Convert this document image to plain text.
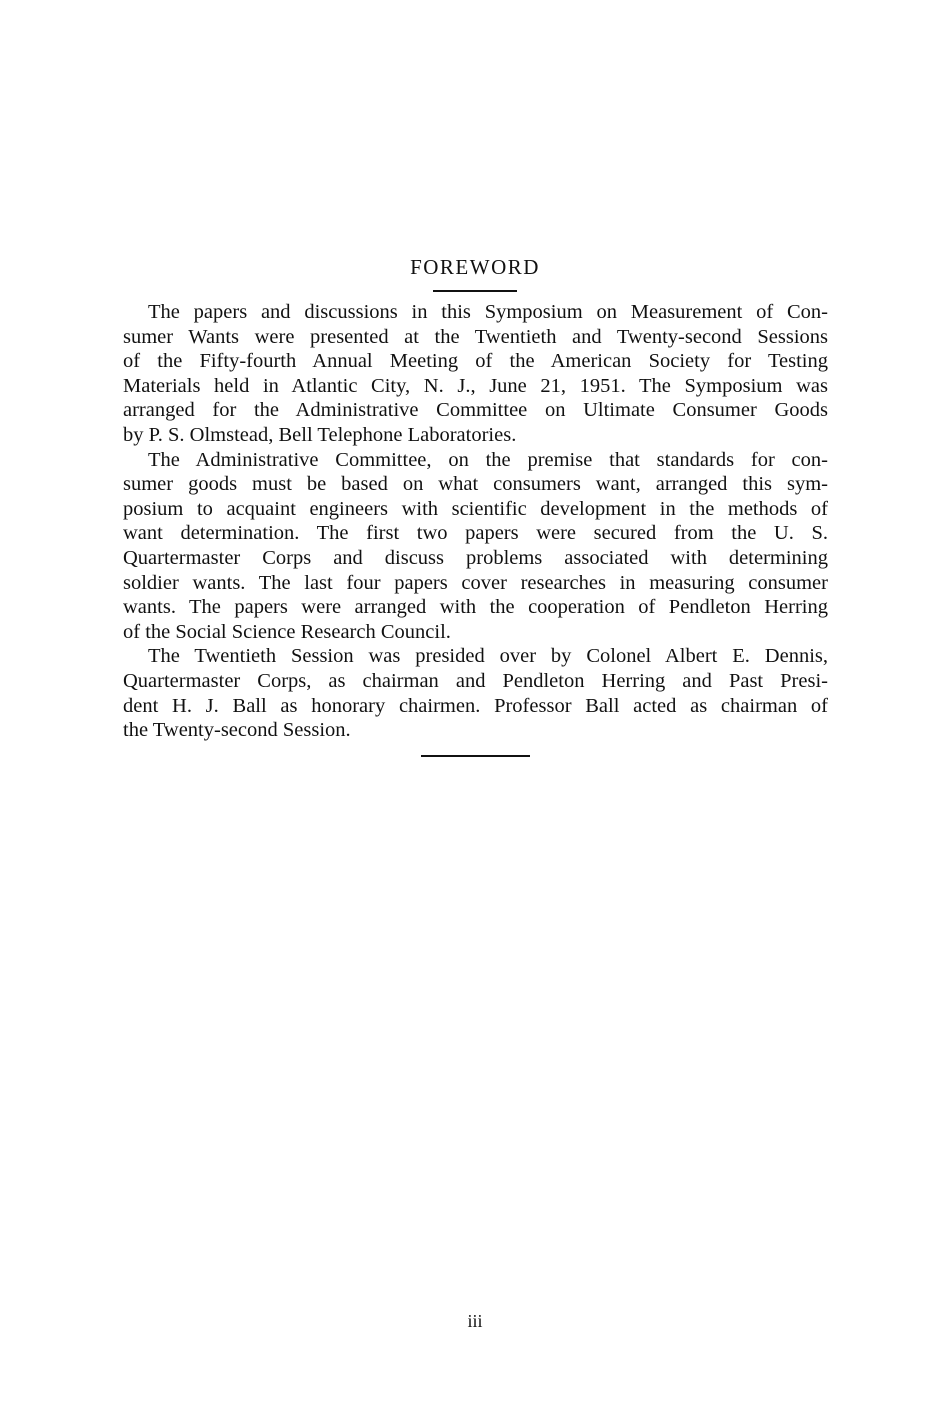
FOREWORD
The papers and discussions in this Symposium on Measurement of Con-
sumer Wants were presented at the Twentieth and Twenty-second Sessions
of the Fifty-fourth Annual Meeting of the American Society for Testing
Materials held in Atlantic City, N. J., June 21, 1951. The Symposium was
arranged for the Administrative Committee on Ultimate Consumer Goods
by P. S. Olmstead, Bell Telephone Laboratories.
The Administrative Committee, on the premise that standards for con-
sumer goods must be based on what consumers want, arranged this sym-
posium to acquaint engineers with scientific development in the methods of
want determination. The first two papers were secured from the U. S.
Quartermaster Corps and discuss problems associated with determining
soldier wants. The last four papers cover researches in measuring consumer
wants. The papers were arranged with the cooperation of Pendleton Herring
of the Social Science Research Council.
The Twentieth Session was presided over by Colonel Albert E. Dennis,
Quartermaster Corps, as chairman and Pendleton Herring and Past Presi-
dent H. J. Ball as honorary chairmen. Professor Ball acted as chairman of
the Twenty-second Session.
iii
